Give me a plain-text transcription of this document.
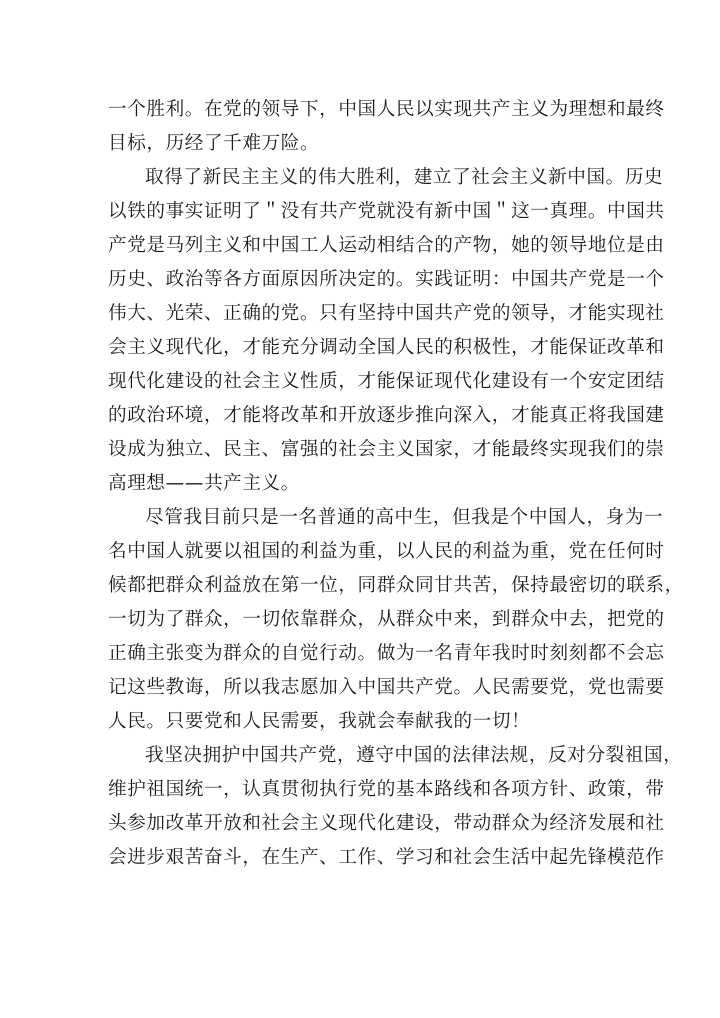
一个胜利。在党的领导下，中国人民以实现共产主义为理想和最终
目标，历经了千难万险。
取得了新民主主义的伟大胜利，建立了社会主义新中国。历史
以铁的事实证明了＂没有共产党就没有新中国＂这一真理。中国共
产党是马列主义和中国工人运动相结合的产物，她的领导地位是由
历史、政治等各方面原因所决定的。实践证明：中国共产党是一个
伟大、光荣、正确的党。只有坚持中国共产党的领导，才能实现社
会主义现代化，才能充分调动全国人民的积极性，才能保证改革和
现代化建设的社会主义性质，才能保证现代化建设有一个安定团结
的政治环境，才能将改革和开放逐步推向深入，才能真正将我国建
设成为独立、民主、富强的社会主义国家，才能最终实现我们的崇
高理想——共产主义。
尽管我目前只是一名普通的高中生，但我是个中国人，身为一
名中国人就要以祖国的利益为重，以人民的利益为重，党在任何时
候都把群众利益放在第一位，同群众同甘共苦，保持最密切的联系，
一切为了群众，一切依靠群众，从群众中来，到群众中去，把党的
正确主张变为群众的自觉行动。做为一名青年我时时刻刻都不会忘
记这些教诲，所以我志愿加入中国共产党。人民需要党，党也需要
人民。只要党和人民需要，我就会奉献我的一切！
我坚决拥护中国共产党，遵守中国的法律法规，反对分裂祖国，
维护祖国统一，认真贯彻执行党的基本路线和各项方针、政策，带
头参加改革开放和社会主义现代化建设，带动群众为经济发展和社
会进步艰苦奋斗，在生产、工作、学习和社会生活中起先锋模范作
